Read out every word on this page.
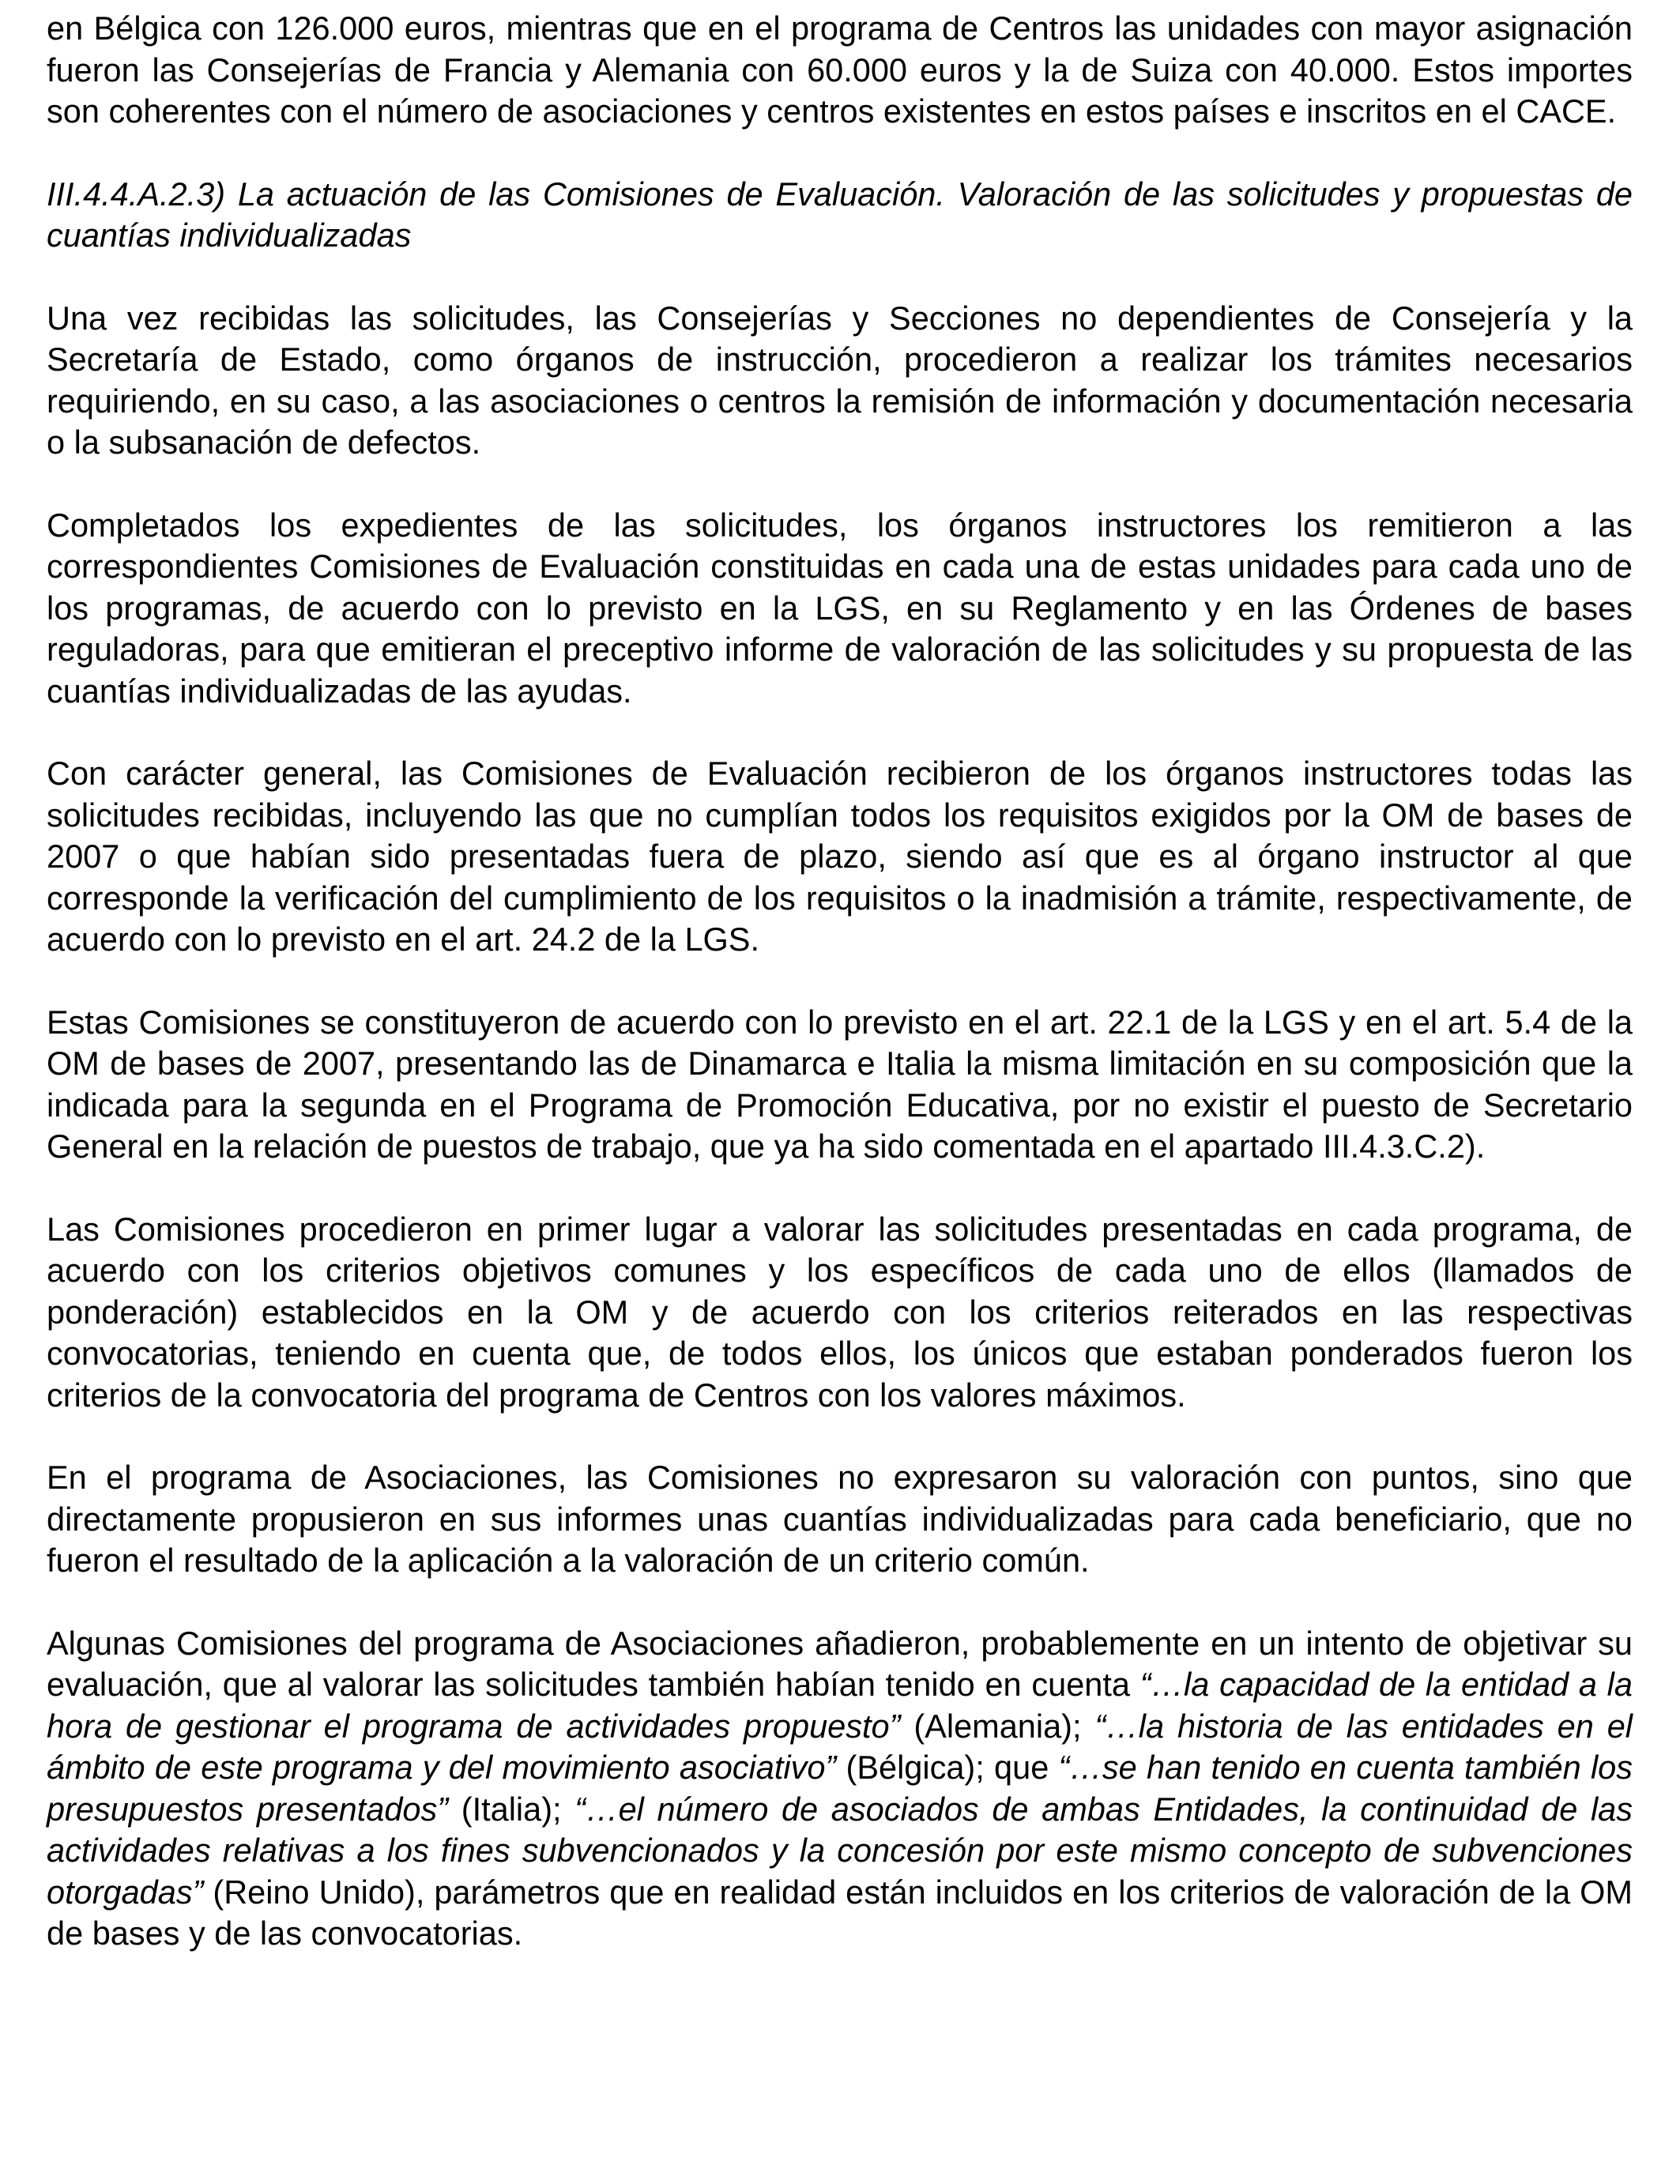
en Bélgica con 126.000 euros, mientras que en el programa de Centros las unidades con mayor asignación fueron las Consejerías de Francia y Alemania con 60.000 euros y la de Suiza con 40.000. Estos importes son coherentes con el número de asociaciones y centros existentes en estos países e inscritos en el CACE.

III.4.4.A.2.3) La actuación de las Comisiones de Evaluación. Valoración de las solicitudes y propuestas de cuantías individualizadas

Una vez recibidas las solicitudes, las Consejerías y Secciones no dependientes de Consejería y la Secretaría de Estado, como órganos de instrucción, procedieron a realizar los trámites necesarios requiriendo, en su caso, a las asociaciones o centros la remisión de información y documentación necesaria o la subsanación de defectos.

Completados los expedientes de las solicitudes, los órganos instructores los remitieron a las correspondientes Comisiones de Evaluación constituidas en cada una de estas unidades para cada uno de los programas, de acuerdo con lo previsto en la LGS, en su Reglamento y en las Órdenes de bases reguladoras, para que emitieran el preceptivo informe de valoración de las solicitudes y su propuesta de las cuantías individualizadas de las ayudas.

Con carácter general, las Comisiones de Evaluación recibieron de los órganos instructores todas las solicitudes recibidas, incluyendo las que no cumplían todos los requisitos exigidos por la OM de bases de 2007 o que habían sido presentadas fuera de plazo, siendo así que es al órgano instructor al que corresponde la verificación del cumplimiento de los requisitos o la inadmisión a trámite, respectivamente, de acuerdo con lo previsto en el art. 24.2 de la LGS.

Estas Comisiones se constituyeron de acuerdo con lo previsto en el art. 22.1 de la LGS y en el art. 5.4 de la OM de bases de 2007, presentando las de Dinamarca e Italia la misma limitación en su composición que la indicada para la segunda en el Programa de Promoción Educativa, por no existir el puesto de Secretario General en la relación de puestos de trabajo, que ya ha sido comentada en el apartado III.4.3.C.2).

Las Comisiones procedieron en primer lugar a valorar las solicitudes presentadas en cada programa, de acuerdo con los criterios objetivos comunes y los específicos de cada uno de ellos (llamados de ponderación) establecidos en la OM y de acuerdo con los criterios reiterados en las respectivas convocatorias, teniendo en cuenta que, de todos ellos, los únicos que estaban ponderados fueron los criterios de la convocatoria del programa de Centros con los valores máximos.

En el programa de Asociaciones, las Comisiones no expresaron su valoración con puntos, sino que directamente propusieron en sus informes unas cuantías individualizadas para cada beneficiario, que no fueron el resultado de la aplicación a la valoración de un criterio común.

Algunas Comisiones del programa de Asociaciones añadieron, probablemente en un intento de objetivar su evaluación, que al valorar las solicitudes también habían tenido en cuenta “…la capacidad de la entidad a la hora de gestionar el programa de actividades propuesto” (Alemania); “…la historia de las entidades en el ámbito de este programa y del movimiento asociativo” (Bélgica); que “…se han tenido en cuenta también los presupuestos presentados” (Italia); “…el número de asociados de ambas Entidades, la continuidad de las actividades relativas a los fines subvencionados y la concesión por este mismo concepto de subvenciones otorgadas” (Reino Unido), parámetros que en realidad están incluidos en los criterios de valoración de la OM de bases y de las convocatorias.
